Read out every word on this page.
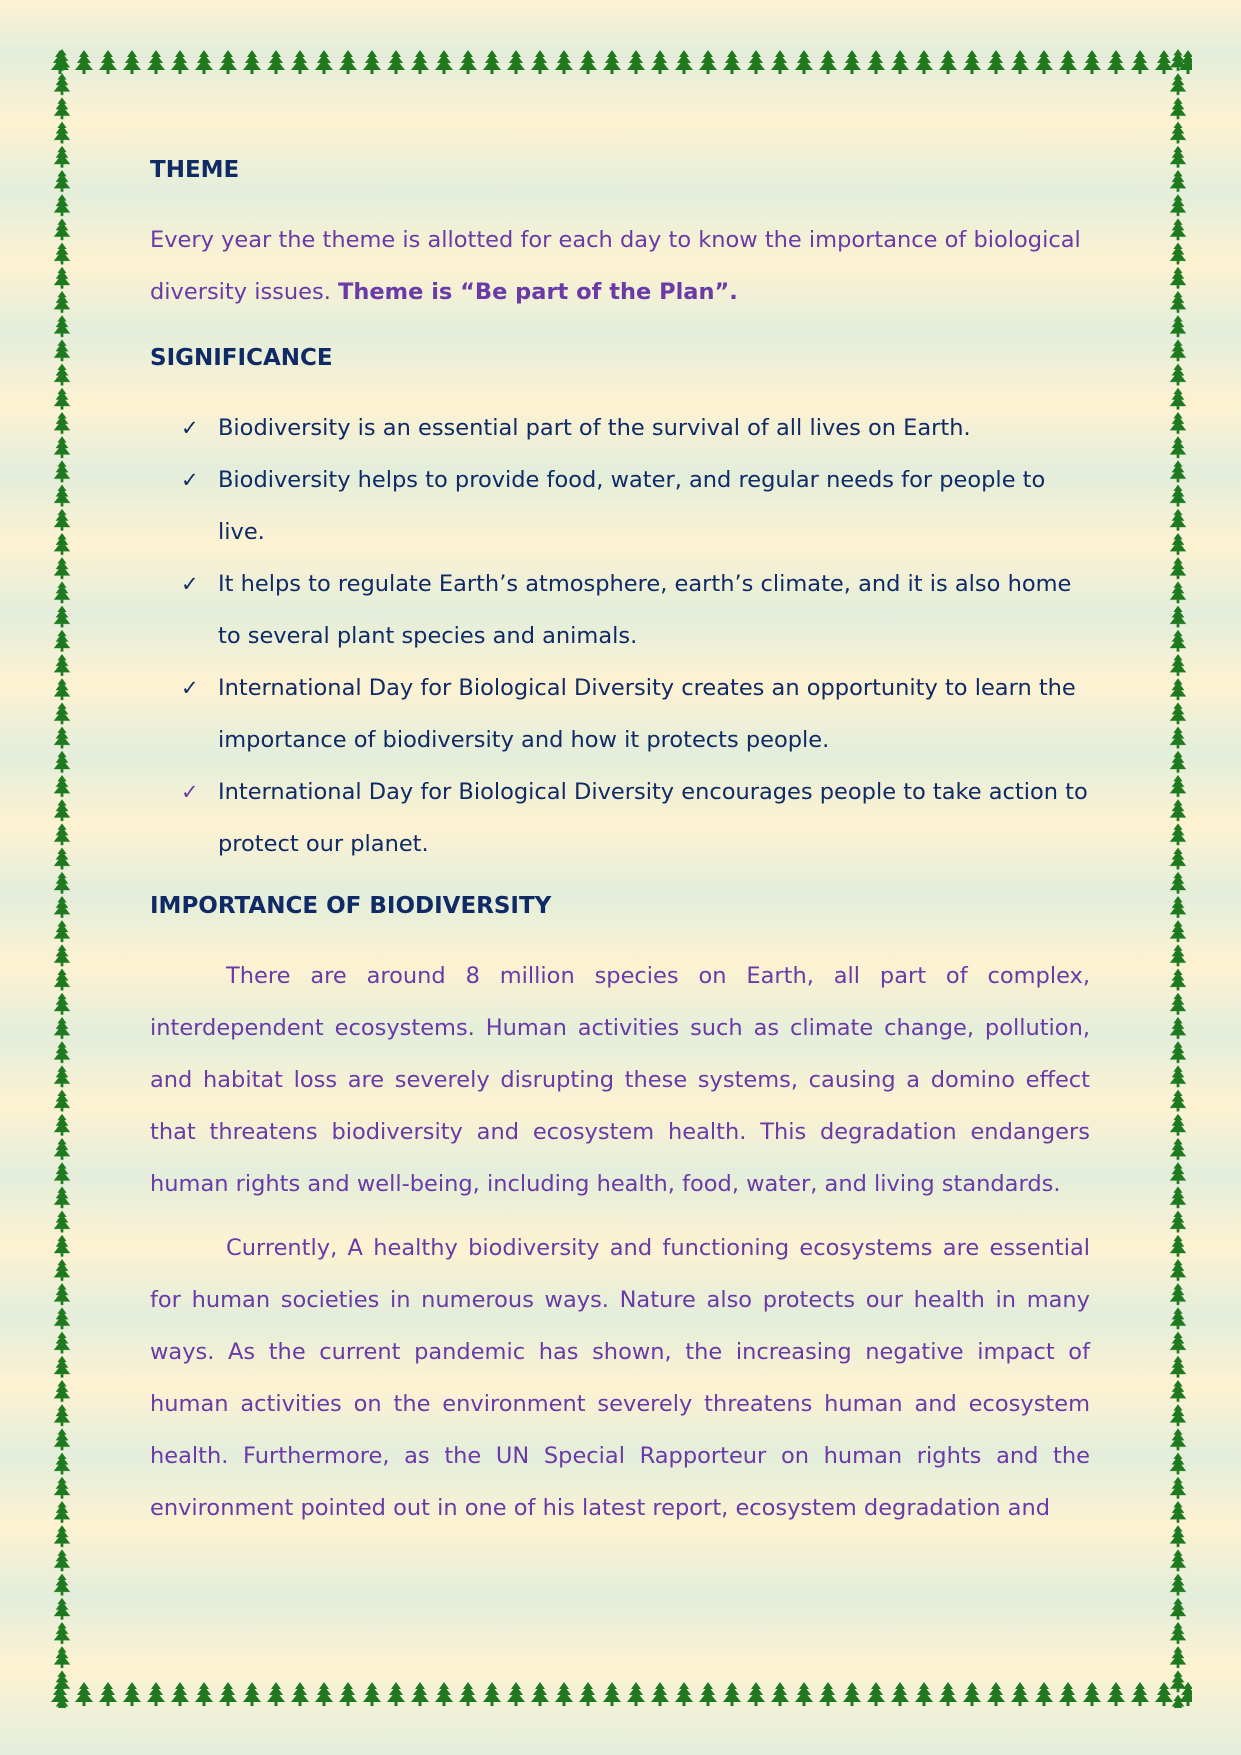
THEME

Every year the theme is allotted for each day to know the importance of biological diversity issues. Theme is “Be part of the Plan”.

SIGNIFICANCE
✓ Biodiversity is an essential part of the survival of all lives on Earth.
✓ Biodiversity helps to provide food, water, and regular needs for people to live.
✓ It helps to regulate Earth’s atmosphere, earth’s climate, and it is also home to several plant species and animals.
✓ International Day for Biological Diversity creates an opportunity to learn the importance of biodiversity and how it protects people.
✓ International Day for Biological Diversity encourages people to take action to protect our planet.
IMPORTANCE OF BIODIVERSITY

There are around 8 million species on Earth, all part of complex, interdependent ecosystems. Human activities such as climate change, pollution, and habitat loss are severely disrupting these systems, causing a domino effect that threatens biodiversity and ecosystem health. This degradation endangers human rights and well-being, including health, food, water, and living standards.

Currently, A healthy biodiversity and functioning ecosystems are essential for human societies in numerous ways. Nature also protects our health in many ways. As the current pandemic has shown, the increasing negative impact of human activities on the environment severely threatens human and ecosystem health. Furthermore, as the UN Special Rapporteur on human rights and the environment pointed out in one of his latest report, ecosystem degradation and
